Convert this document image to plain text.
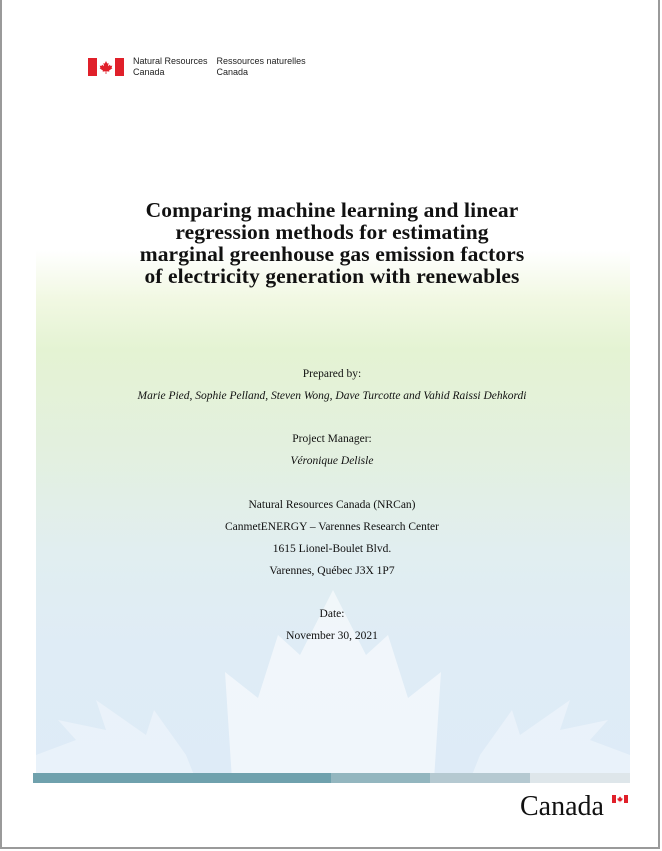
Natural Resources
Canada
Ressources naturelles
Canada
Comparing machine learning and linear
regression methods for estimating
marginal greenhouse gas emission factors
of electricity generation with renewables
Prepared by:
Marie Pied, Sophie Pelland, Steven Wong, Dave Turcotte and Vahid Raissi Dehkordi
Project Manager:
Véronique Delisle
Natural Resources Canada (NRCan)
CanmetENERGY – Varennes Research Center
1615 Lionel-Boulet Blvd.
Varennes, Québec J3X 1P7
Date:
November 30, 2021
Canada
